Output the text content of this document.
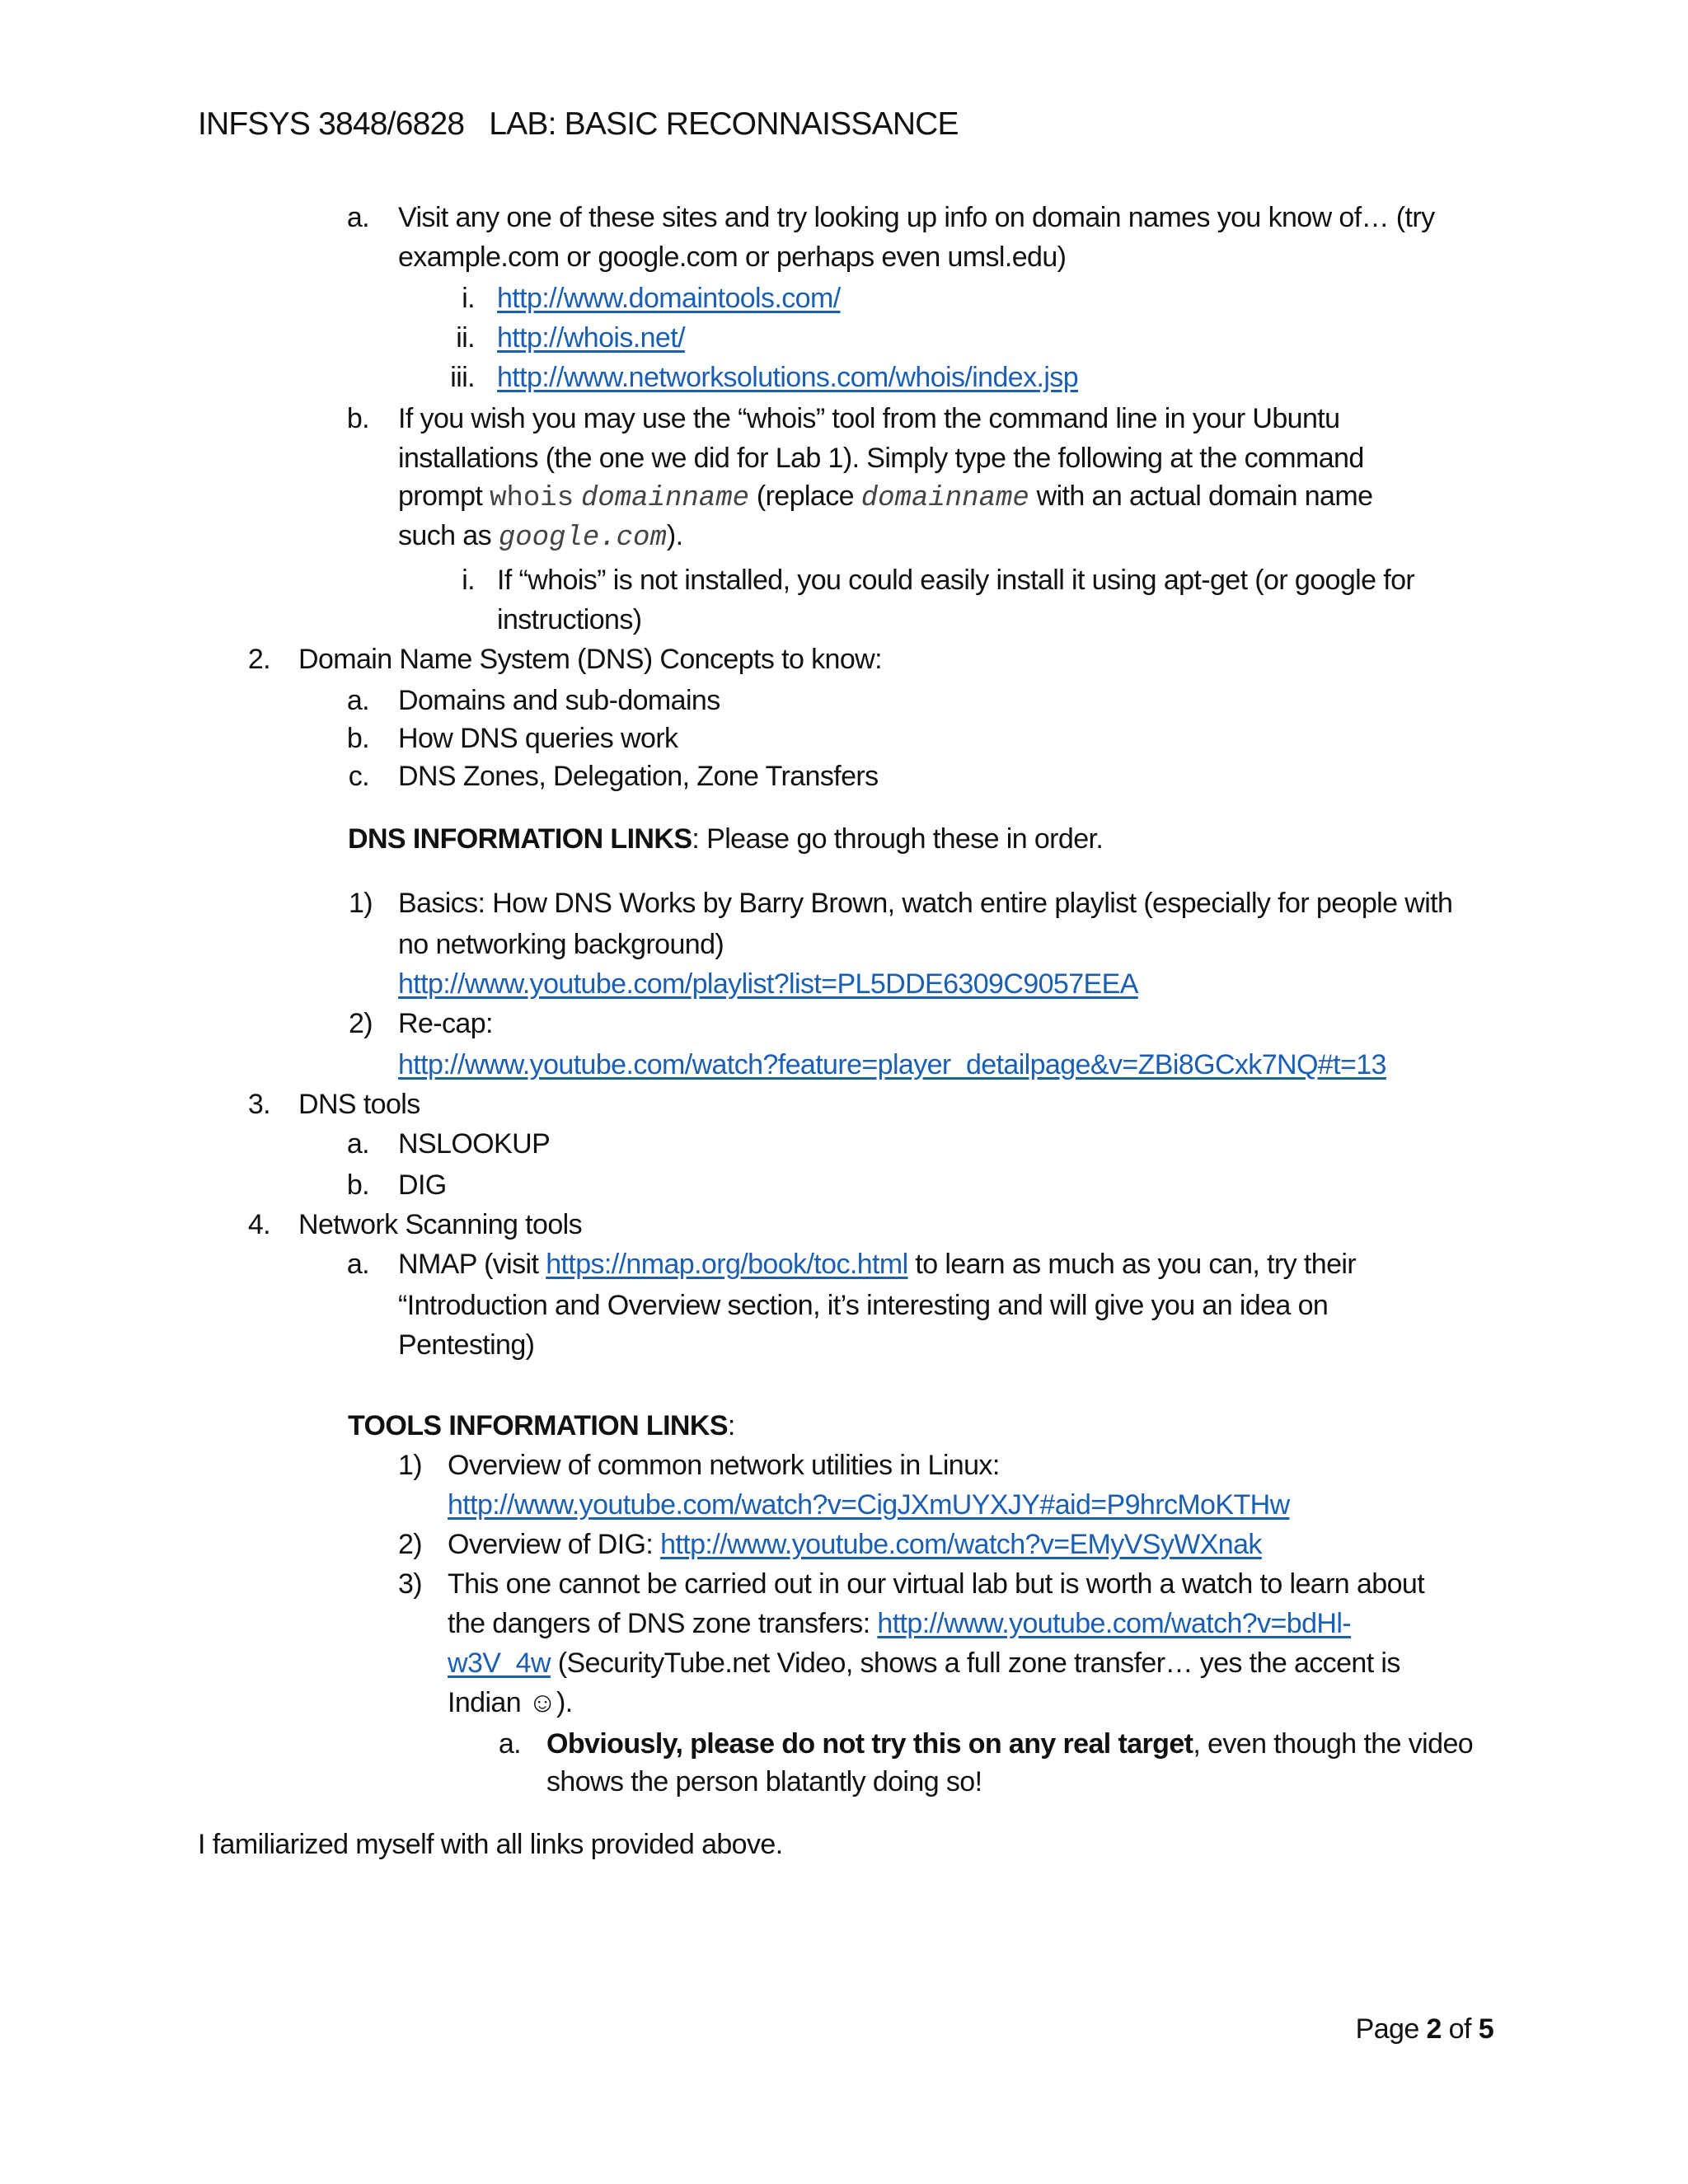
INFSYS 3848/6828 LAB: BASIC RECONNAISSANCE
a. Visit any one of these sites and try looking up info on domain names you know of… (try
example.com or google.com or perhaps even umsl.edu)
i. http://www.domaintools.com/
ii. http://whois.net/
iii. http://www.networksolutions.com/whois/index.jsp
b. If you wish you may use the “whois” tool from the command line in your Ubuntu
installations (the one we did for Lab 1). Simply type the following at the command
prompt whois domainname (replace domainname with an actual domain name
such as google.com).
i. If “whois” is not installed, you could easily install it using apt-get (or google for
instructions)
2. Domain Name System (DNS) Concepts to know:
a. Domains and sub-domains
b. How DNS queries work
c. DNS Zones, Delegation, Zone Transfers
DNS INFORMATION LINKS: Please go through these in order.
1) Basics: How DNS Works by Barry Brown, watch entire playlist (especially for people with
no networking background)
http://www.youtube.com/playlist?list=PL5DDE6309C9057EEA
2) Re-cap:
http://www.youtube.com/watch?feature=player_detailpage&v=ZBi8GCxk7NQ#t=13
3. DNS tools
a. NSLOOKUP
b. DIG
4. Network Scanning tools
a. NMAP (visit https://nmap.org/book/toc.html to learn as much as you can, try their
“Introduction and Overview section, it’s interesting and will give you an idea on
Pentesting)
TOOLS INFORMATION LINKS:
1) Overview of common network utilities in Linux:
http://www.youtube.com/watch?v=CigJXmUYXJY#aid=P9hrcMoKTHw
2) Overview of DIG: http://www.youtube.com/watch?v=EMyVSyWXnak
3) This one cannot be carried out in our virtual lab but is worth a watch to learn about
the dangers of DNS zone transfers: http://www.youtube.com/watch?v=bdHl-
w3V_4w (SecurityTube.net Video, shows a full zone transfer… yes the accent is
Indian ☺).
a. Obviously, please do not try this on any real target, even though the video
shows the person blatantly doing so!
I familiarized myself with all links provided above.
Page 2 of 5
